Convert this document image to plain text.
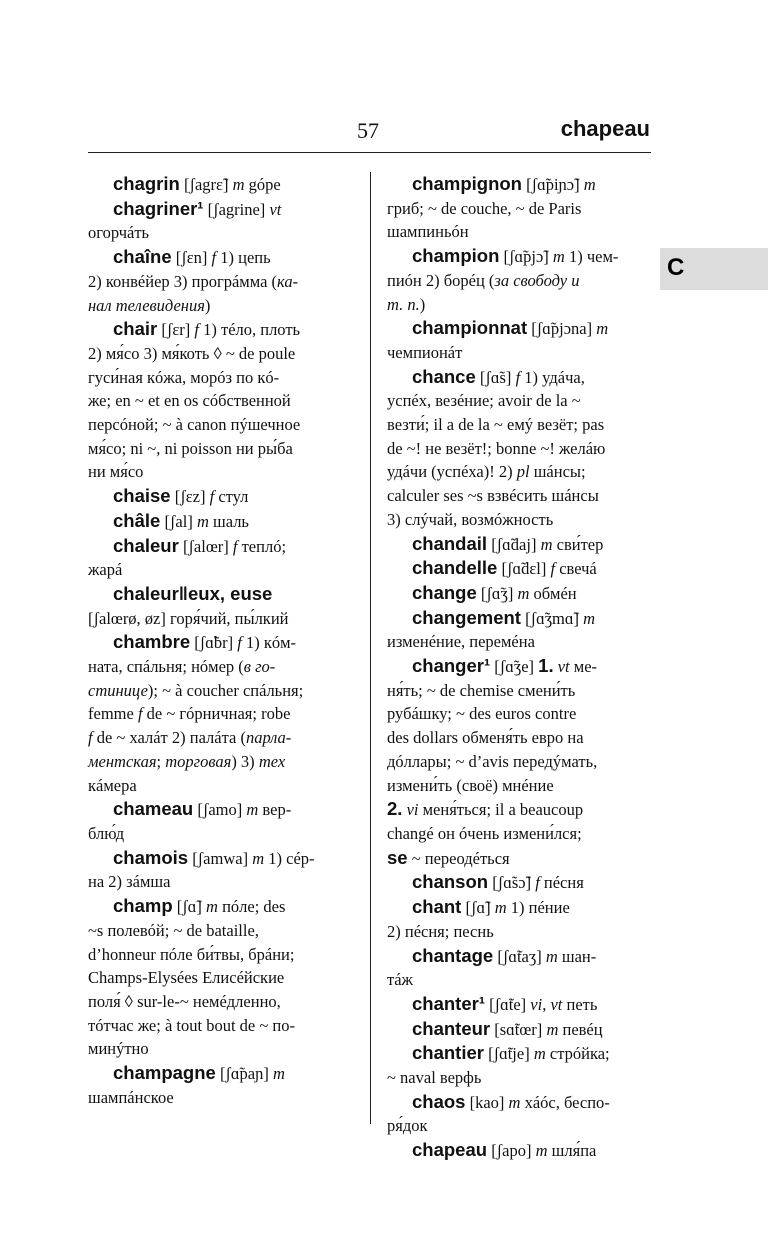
57	chapeau
chagrin [ʃagrɛ̃] m góре
chagriner¹ [ʃagrine] vt
огорчáть
chaîne [ʃɛn] f 1) цепь
2) конвéйер 3) прогрáмма (ка-
нал телевидения)
chair [ʃɛr] f 1) тéло, плоть
2) мя́со 3) мя́коть ◊ ~ de poule
гуси́ная кóжа, морóз по кó-
же; en ~ et en os сóбственной
персóной; ~ à canon пýшечное
мя́со; ni ~, ni poisson ни ры́ба
ни мя́со
chaise [ʃɛz] f стул
châle [ʃal] m шаль
chaleur [ʃalœr] f теплó;
жарá
chaleur‖eux, euse
[ʃalœrø, øz] горя́чий, пы́лкий
chambre [ʃɑ̃br] f 1) кóм-
ната, спáльня; нóмер (в го-
стинице); ~ à coucher спáльня;
femme f de ~ гóрничная; robe
f de ~ халáт 2) палáта (парла-
ментская; торговая) 3) тех
кáмера
chameau [ʃamo] m вер-
блю́д
chamois [ʃamwa] m 1) сéр-
на 2) зáмша
champ [ʃɑ̃] m пóле; des
~s полевóй; ~ de bataille,
d’honneur пóле би́твы, брáни;
Champs-Elysées Елисéйские
поля́ ◊ sur-le-~ немéдленно,
тóтчас же; à tout bout de ~ по-
минýтно
champagne [ʃɑ̃paɲ] m
шампáнское
champignon [ʃɑ̃piɲɔ̃] m
гриб; ~ de couche, ~ de Paris
шампиньóн
champion [ʃɑ̃pjɔ̃] m 1) чем-
пиóн 2) борéц (за свободу и
т. п.)
championnat [ʃɑ̃pjɔna] m
чемпионáт
chance [ʃɑ̃s] f 1) удáча,
успéх, везéние; avoir de la ~
везти́; il a de la ~ емý везёт; pas
de ~! не везёт!; bonne ~! желáю
удáчи (успéха)! 2) pl шáнсы;
calculer ses ~s взвéсить шáнсы
3) слýчай, возмóжность
chandail [ʃɑ̃daj] m сви́тер
chandelle [ʃɑ̃dɛl] f свечá
change [ʃɑ̃ʒ] m обмéн
changement [ʃɑ̃ʒmɑ̃] m
изменéние, перемéна
changer¹ [ʃɑ̃ʒe] 1. vt ме-
ня́ть; ~ de chemise смени́ть
рубáшку; ~ des euros contre
des dollars обменя́ть евро на
дóллары; ~ d’avis передýмать,
измени́ть (своё) мнéние
2. vi меня́ться; il a beaucoup
changé он óчень измени́лся;
se ~ переодéться
chanson [ʃɑ̃sɔ̃] f пéсня
chant [ʃɑ̃] m 1) пéние
2) пéсня; песнь
chantage [ʃɑ̃taʒ] m шан-
тáж
chanter¹ [ʃɑ̃te] vi, vt петь
chanteur [sɑ̃tœr] m певéц
chantier [ʃɑ̃tje] m стрóйка;
~ naval верфь
chaos [kao] m хáóс, беспо-
ря́док
chapeau [ʃapo] m шля́па
C
